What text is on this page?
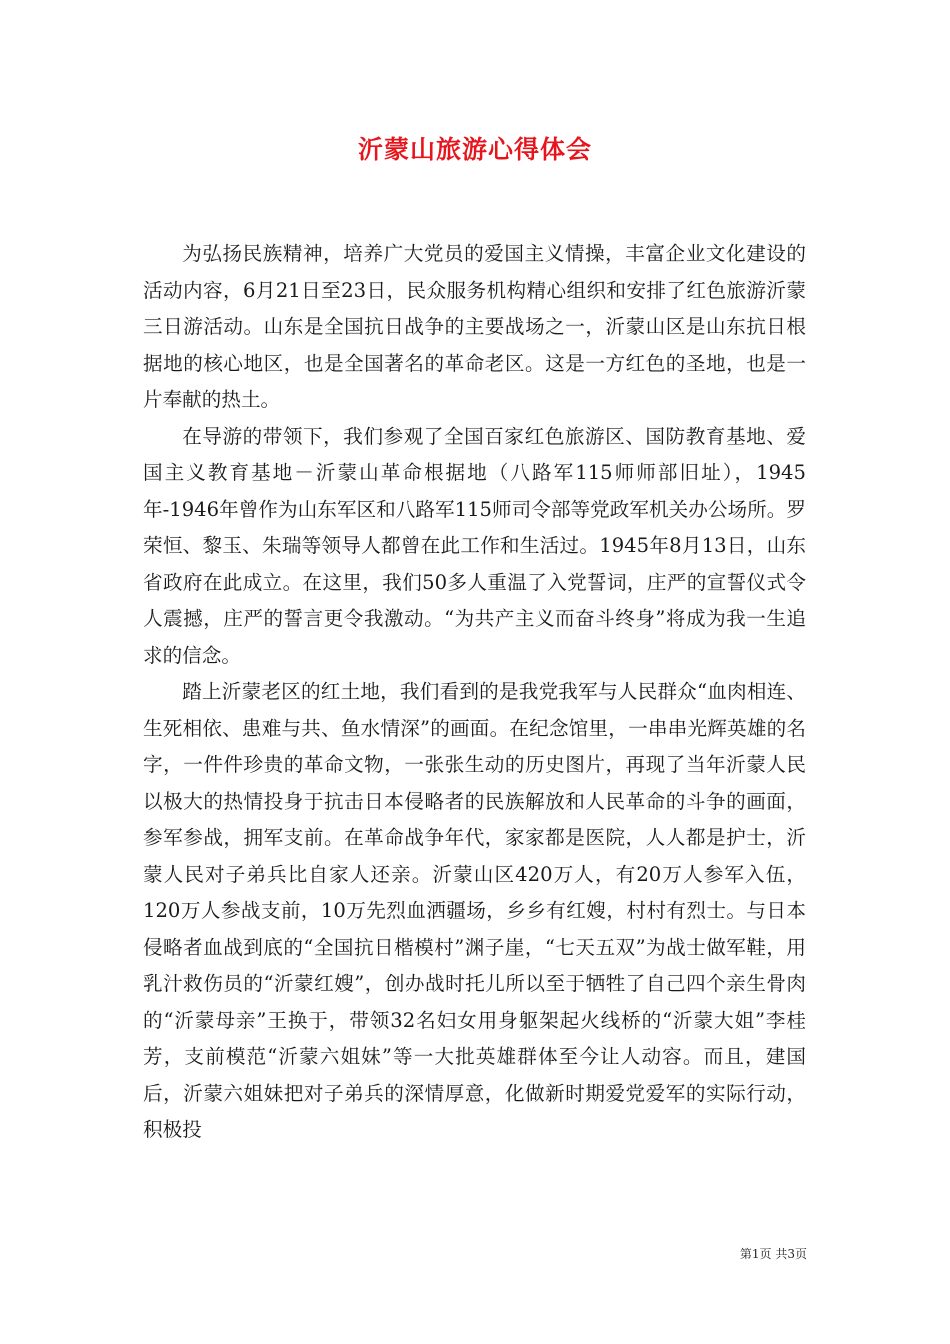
沂蒙山旅游心得体会

为弘扬民族精神，培养广大党员的爱国主义情操，丰富企业文化建设的活动内容，6月21日至23日，民众服务机构精心组织和安排了红色旅游沂蒙三日游活动。山东是全国抗日战争的主要战场之一，沂蒙山区是山东抗日根据地的核心地区，也是全国著名的革命老区。这是一方红色的圣地，也是一片奉献的热土。

在导游的带领下，我们参观了全国百家红色旅游区、国防教育基地、爱国主义教育基地－沂蒙山革命根据地（八路军115师师部旧址），1945年-1946年曾作为山东军区和八路军115师司令部等党政军机关办公场所。罗荣恒、黎玉、朱瑞等领导人都曾在此工作和生活过。1945年8月13日，山东省政府在此成立。在这里，我们50多人重温了入党誓词，庄严的宣誓仪式令人震撼，庄严的誓言更令我激动。“为共产主义而奋斗终身”将成为我一生追求的信念。

踏上沂蒙老区的红土地，我们看到的是我党我军与人民群众“血肉相连、生死相依、患难与共、鱼水情深”的画面。在纪念馆里，一串串光辉英雄的名字，一件件珍贵的革命文物，一张张生动的历史图片，再现了当年沂蒙人民以极大的热情投身于抗击日本侵略者的民族解放和人民革命的斗争的画面，参军参战，拥军支前。在革命战争年代，家家都是医院，人人都是护士，沂蒙人民对子弟兵比自家人还亲。沂蒙山区420万人，有20万人参军入伍，120万人参战支前，10万先烈血洒疆场，乡乡有红嫂，村村有烈士。与日本侵略者血战到底的“全国抗日楷模村”渊子崖，“七天五双”为战士做军鞋，用乳汁救伤员的“沂蒙红嫂”，创办战时托儿所以至于牺牲了自己四个亲生骨肉的“沂蒙母亲”王换于，带领32名妇女用身躯架起火线桥的“沂蒙大姐”李桂芳，支前模范“沂蒙六姐妹”等一大批英雄群体至今让人动容。而且，建国后，沂蒙六姐妹把对子弟兵的深情厚意，化做新时期爱党爱军的实际行动，积极投

第1页 共3页
